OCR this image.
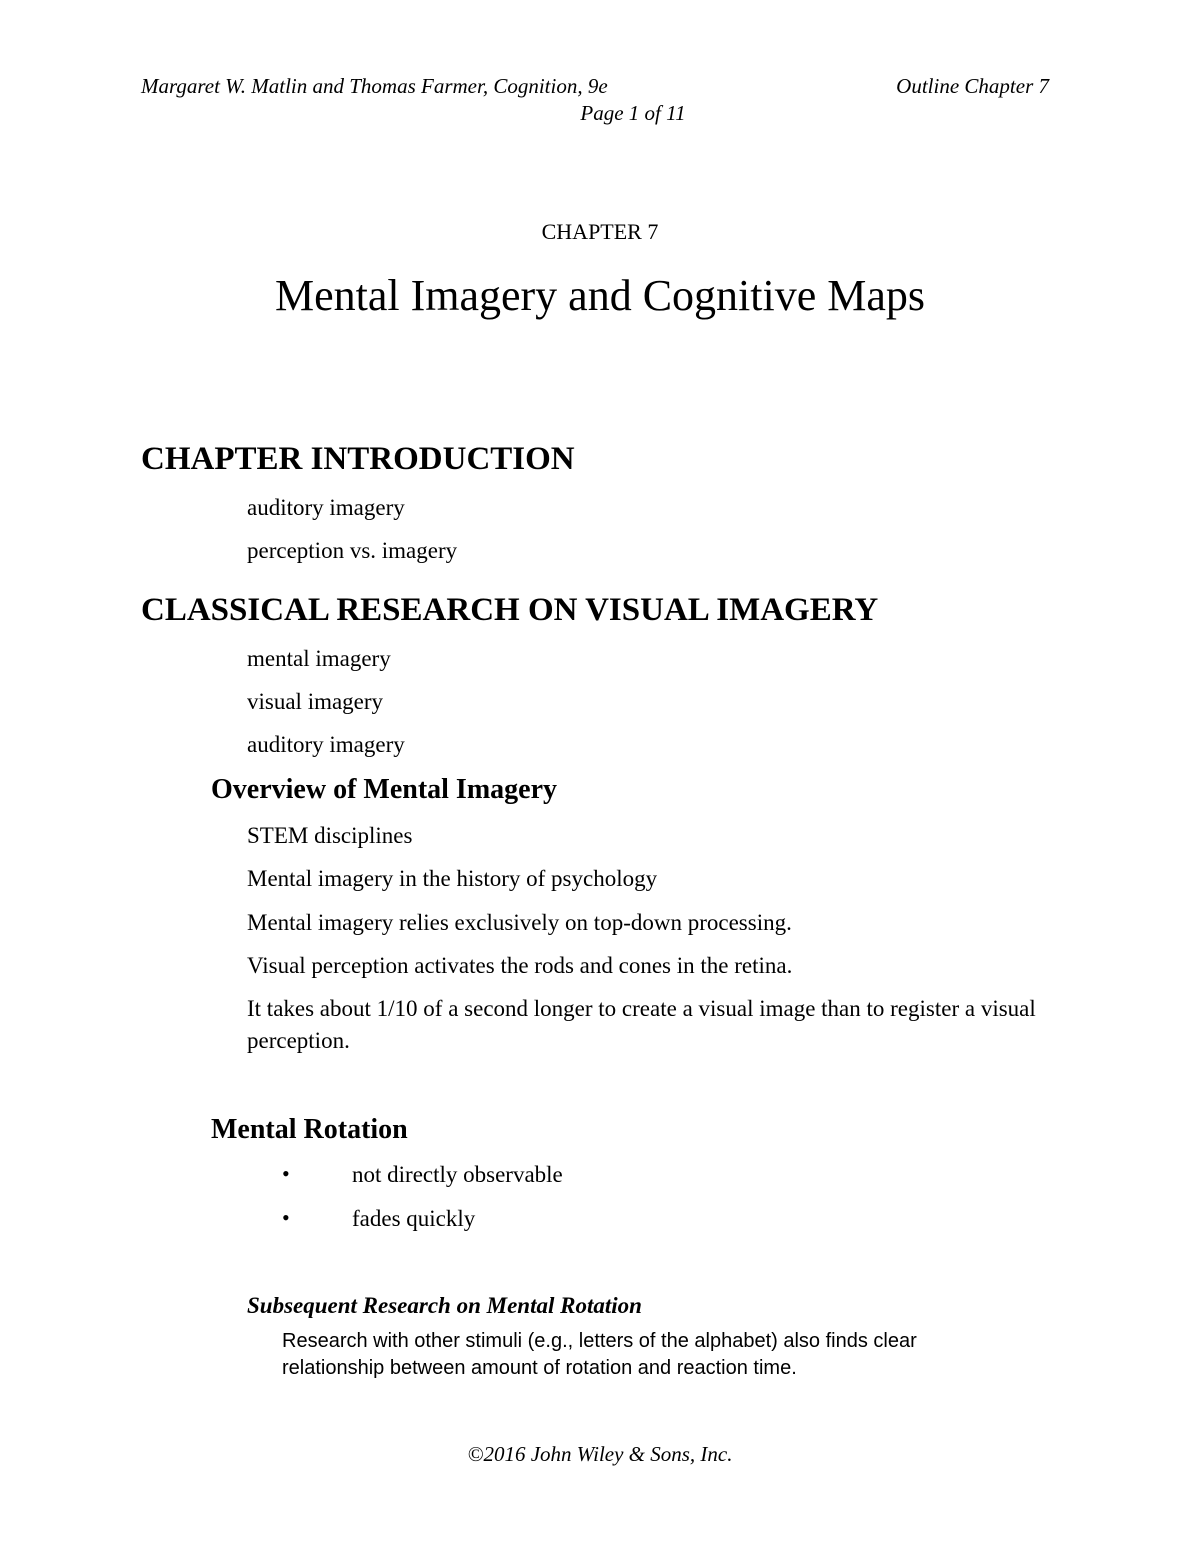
Margaret W. Matlin and Thomas Farmer, Cognition, 9e	Outline Chapter 7
Page 1 of 11
CHAPTER 7
Mental Imagery and Cognitive Maps
CHAPTER INTRODUCTION
auditory imagery
perception vs. imagery
CLASSICAL RESEARCH ON VISUAL IMAGERY
mental imagery
visual imagery
auditory imagery
Overview of Mental Imagery
STEM disciplines
Mental imagery in the history of psychology
Mental imagery relies exclusively on top-down processing.
Visual perception activates the rods and cones in the retina.
It takes about 1/10 of a second longer to create a visual image than to register a visual perception.
Mental Rotation
•	not directly observable
•	fades quickly
Subsequent Research on Mental Rotation
Research with other stimuli (e.g., letters of the alphabet) also finds clear relationship between amount of rotation and reaction time.
©2016 John Wiley & Sons, Inc.
